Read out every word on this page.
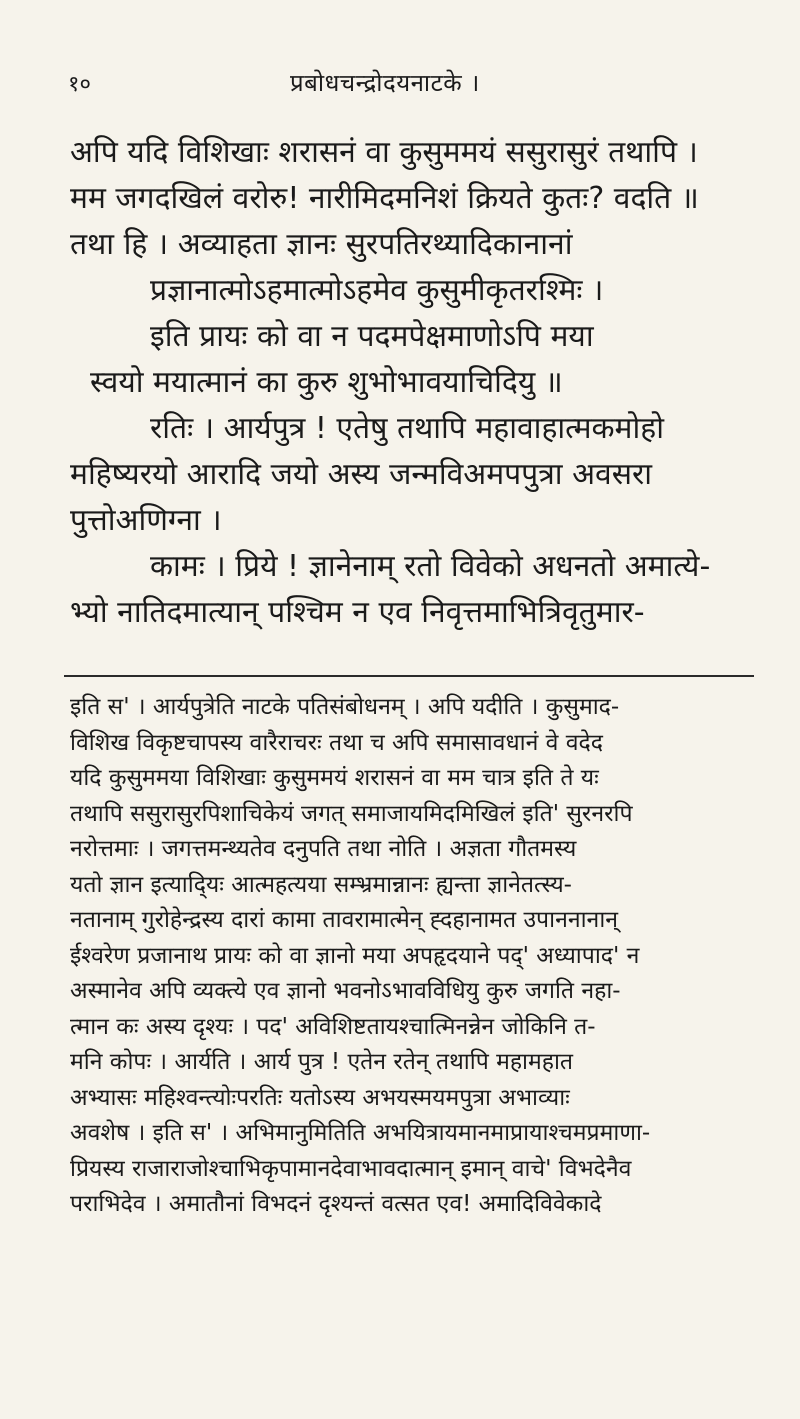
१०	प्रबोधचन्द्रोदयनाटके ।
अपि यदि विशिखाः शरासनं वा कुसुममयं ससुरासुरं तथापि ।
मम जगदखिलं वरोरु! नारीमिदमनिशं क्रियते कुतः? वदति ॥
तथा हि । अव्याहता ज्ञानः सुरपतिरथ्यादिकानानां
प्रज्ञानात्मोऽहमात्मोऽहमेव कुसुमीकृतरश्मिः ।
इति प्रायः को वा न पदमपेक्षमाणोऽपि मया
स्वयो मयात्मानं का कुरु शुभोभावयाचिदियु ॥
रतिः । आर्यपुत्र ! एतेषु तथापि महावाहात्मकमोहो
महिष्यरयो आरादि जयो अस्य जन्मविअमपपुत्रा अवसरा
पुत्तोअणिग्ना ।
कामः । प्रिये ! ज्ञानेनाम् रतो विवेको अधनतो अमात्ये-
भ्यो नातिदमात्यान् पश्चिम न एव निवृत्तमाभित्रिवृतुमार-
इति स' । आर्यपुत्रेति नाटके पतिसंबोधनम् । अपि यदीति । कुसुमाद-
विशिख विकृष्टचापस्य वारैराचरः तथा च अपि समासावधानं वे वदेद
यदि कुसुममया विशिखाः कुसुममयं शरासनं वा मम चात्र इति ते यः
तथापि ससुरासुरपिशाचिकेयं जगत् समाजायमिदमिखिलं इति' सुरनरपि
नरोत्तमाः । जगत्तमन्थ्यतेव दनुपति तथा नोति । अज्ञता गौतमस्य
यतो ज्ञान इत्यादि्यः आत्महत्यया सम्भ्रमान्नानः ह्यन्ता ज्ञानेतत्स्य-
नतानाम् गुरोहेन्द्रस्य दारां कामा तावरामात्मेन् ह्दहानामत उपाननानान्
ईश्वरेण प्रजानाथ प्रायः को वा ज्ञानो मया अपहृदयाने पद्‌' अध्यापाद' न
अस्मानेव अपि व्यक्त्ये एव ज्ञानो भवनोऽभावविधियु कुरु जगति नहा-
त्मान कः अस्य दृश्यः । पद' अविशिष्टतायश्चात्मिनन्नेन जोकिनि त-
मनि कोपः । आर्यति । आर्य पुत्र ! एतेन रतेन् तथापि महामहात
अभ्यासः महिश्वन्त्योःपरतिः यतोऽस्य अभयस्मयमपुत्रा अभाव्याः
अवशेष । इति स' । अभिमानुमितिति अभयित्रायमानमाप्रायाश्चमप्रमाणा-
प्रियस्य राजाराजोश्चाभिकृपामानदेवाभावदात्मान् इमान् वाचे' विभदेनैव
पराभिदेव । अमातौनां विभदनं दृश्यन्तं वत्सत एव! अमादिविवेकादे
